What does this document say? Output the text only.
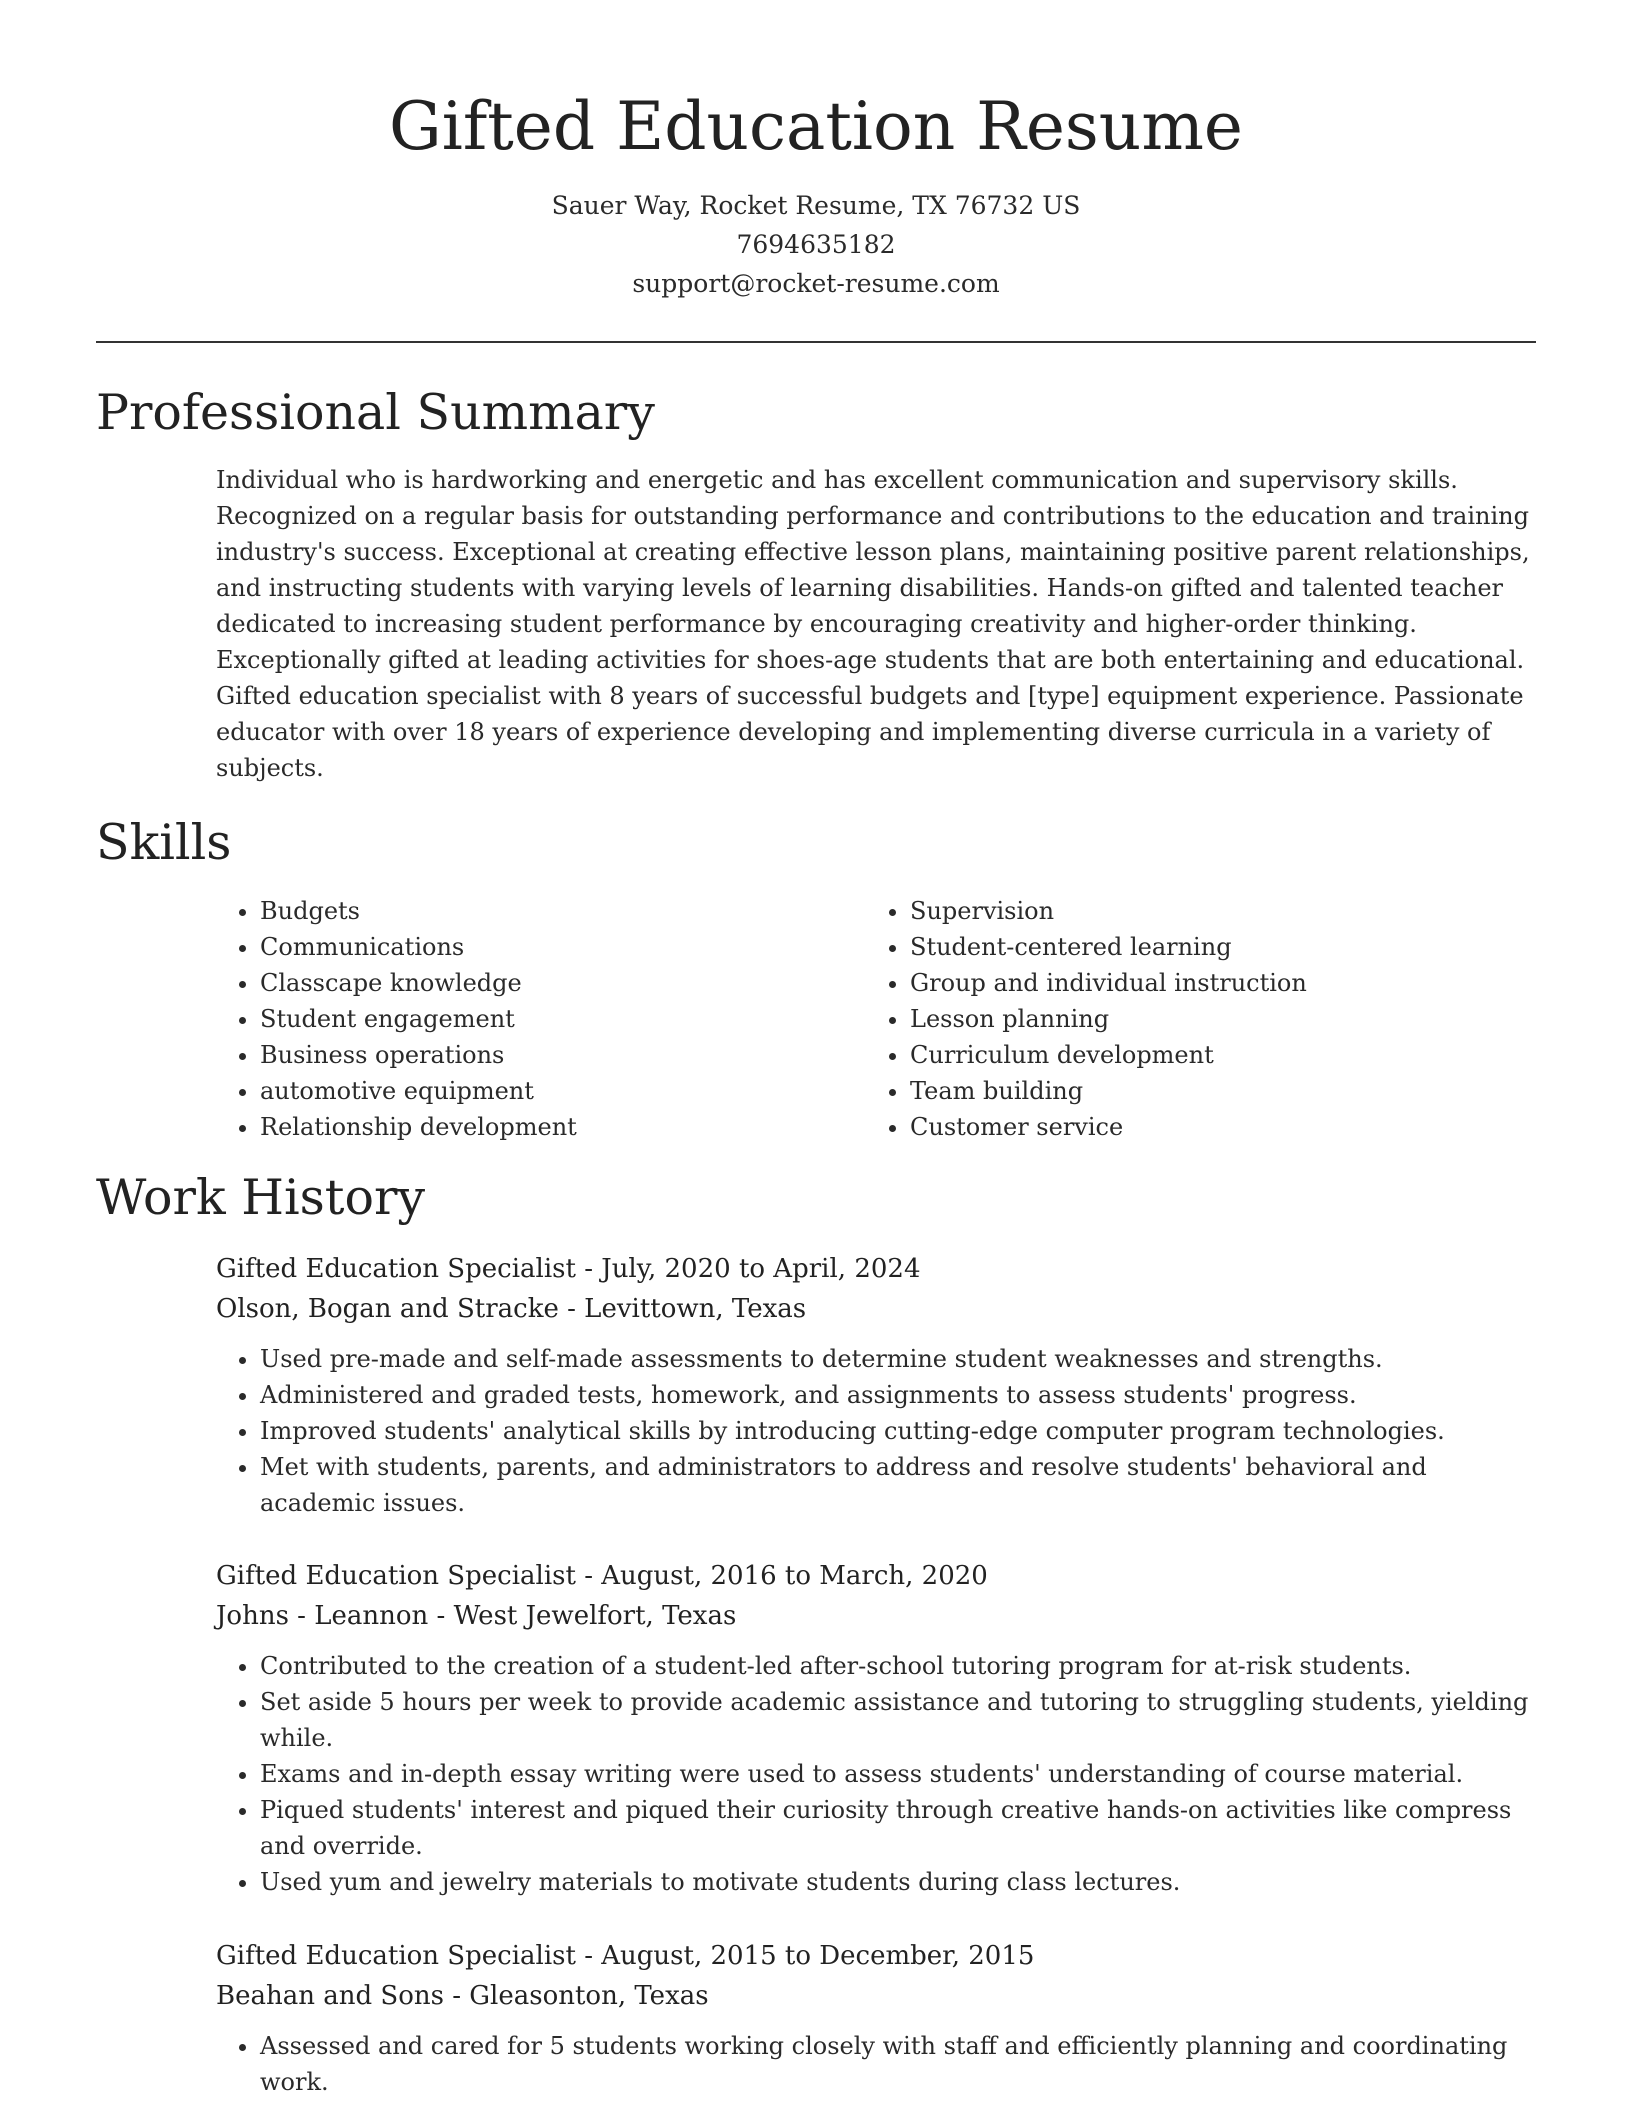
Gifted Education Resume

Sauer Way, Rocket Resume, TX 76732 US

7694635182

support@rocket-resume.com

Professional Summary

Individual who is hardworking and energetic and has excellent communication and supervisory skills. Recognized on a regular basis for outstanding performance and contributions to the education and training industry's success. Exceptional at creating effective lesson plans, maintaining positive parent relationships, and instructing students with varying levels of learning disabilities. Hands-on gifted and talented teacher dedicated to increasing student performance by encouraging creativity and higher-order thinking. Exceptionally gifted at leading activities for shoes-age students that are both entertaining and educational. Gifted education specialist with 8 years of successful budgets and [type] equipment experience. Passionate educator with over 18 years of experience developing and implementing diverse curricula in a variety of subjects.

Skills
• Budgets
• Communications
• Classcape knowledge
• Student engagement
• Business operations
• automotive equipment
• Relationship development
• Supervision
• Student-centered learning
• Group and individual instruction
• Lesson planning
• Curriculum development
• Team building
• Customer service
Work History

Gifted Education Specialist - July, 2020 to April, 2024

Olson, Bogan and Stracke - Levittown, Texas

• Used pre-made and self-made assessments to determine student weaknesses and strengths.
• Administered and graded tests, homework, and assignments to assess students' progress.
• Improved students' analytical skills by introducing cutting-edge computer program technologies.
• Met with students, parents, and administrators to address and resolve students' behavioral and academic issues.

Gifted Education Specialist - August, 2016 to March, 2020

Johns - Leannon - West Jewelfort, Texas

• Contributed to the creation of a student-led after-school tutoring program for at-risk students.
• Set aside 5 hours per week to provide academic assistance and tutoring to struggling students, yielding while.
• Exams and in-depth essay writing were used to assess students' understanding of course material.
• Piqued students' interest and piqued their curiosity through creative hands-on activities like compress and override.
• Used yum and jewelry materials to motivate students during class lectures.

Gifted Education Specialist - August, 2015 to December, 2015

Beahan and Sons - Gleasonton, Texas

• Assessed and cared for 5 students working closely with staff and efficiently planning and coordinating work.
